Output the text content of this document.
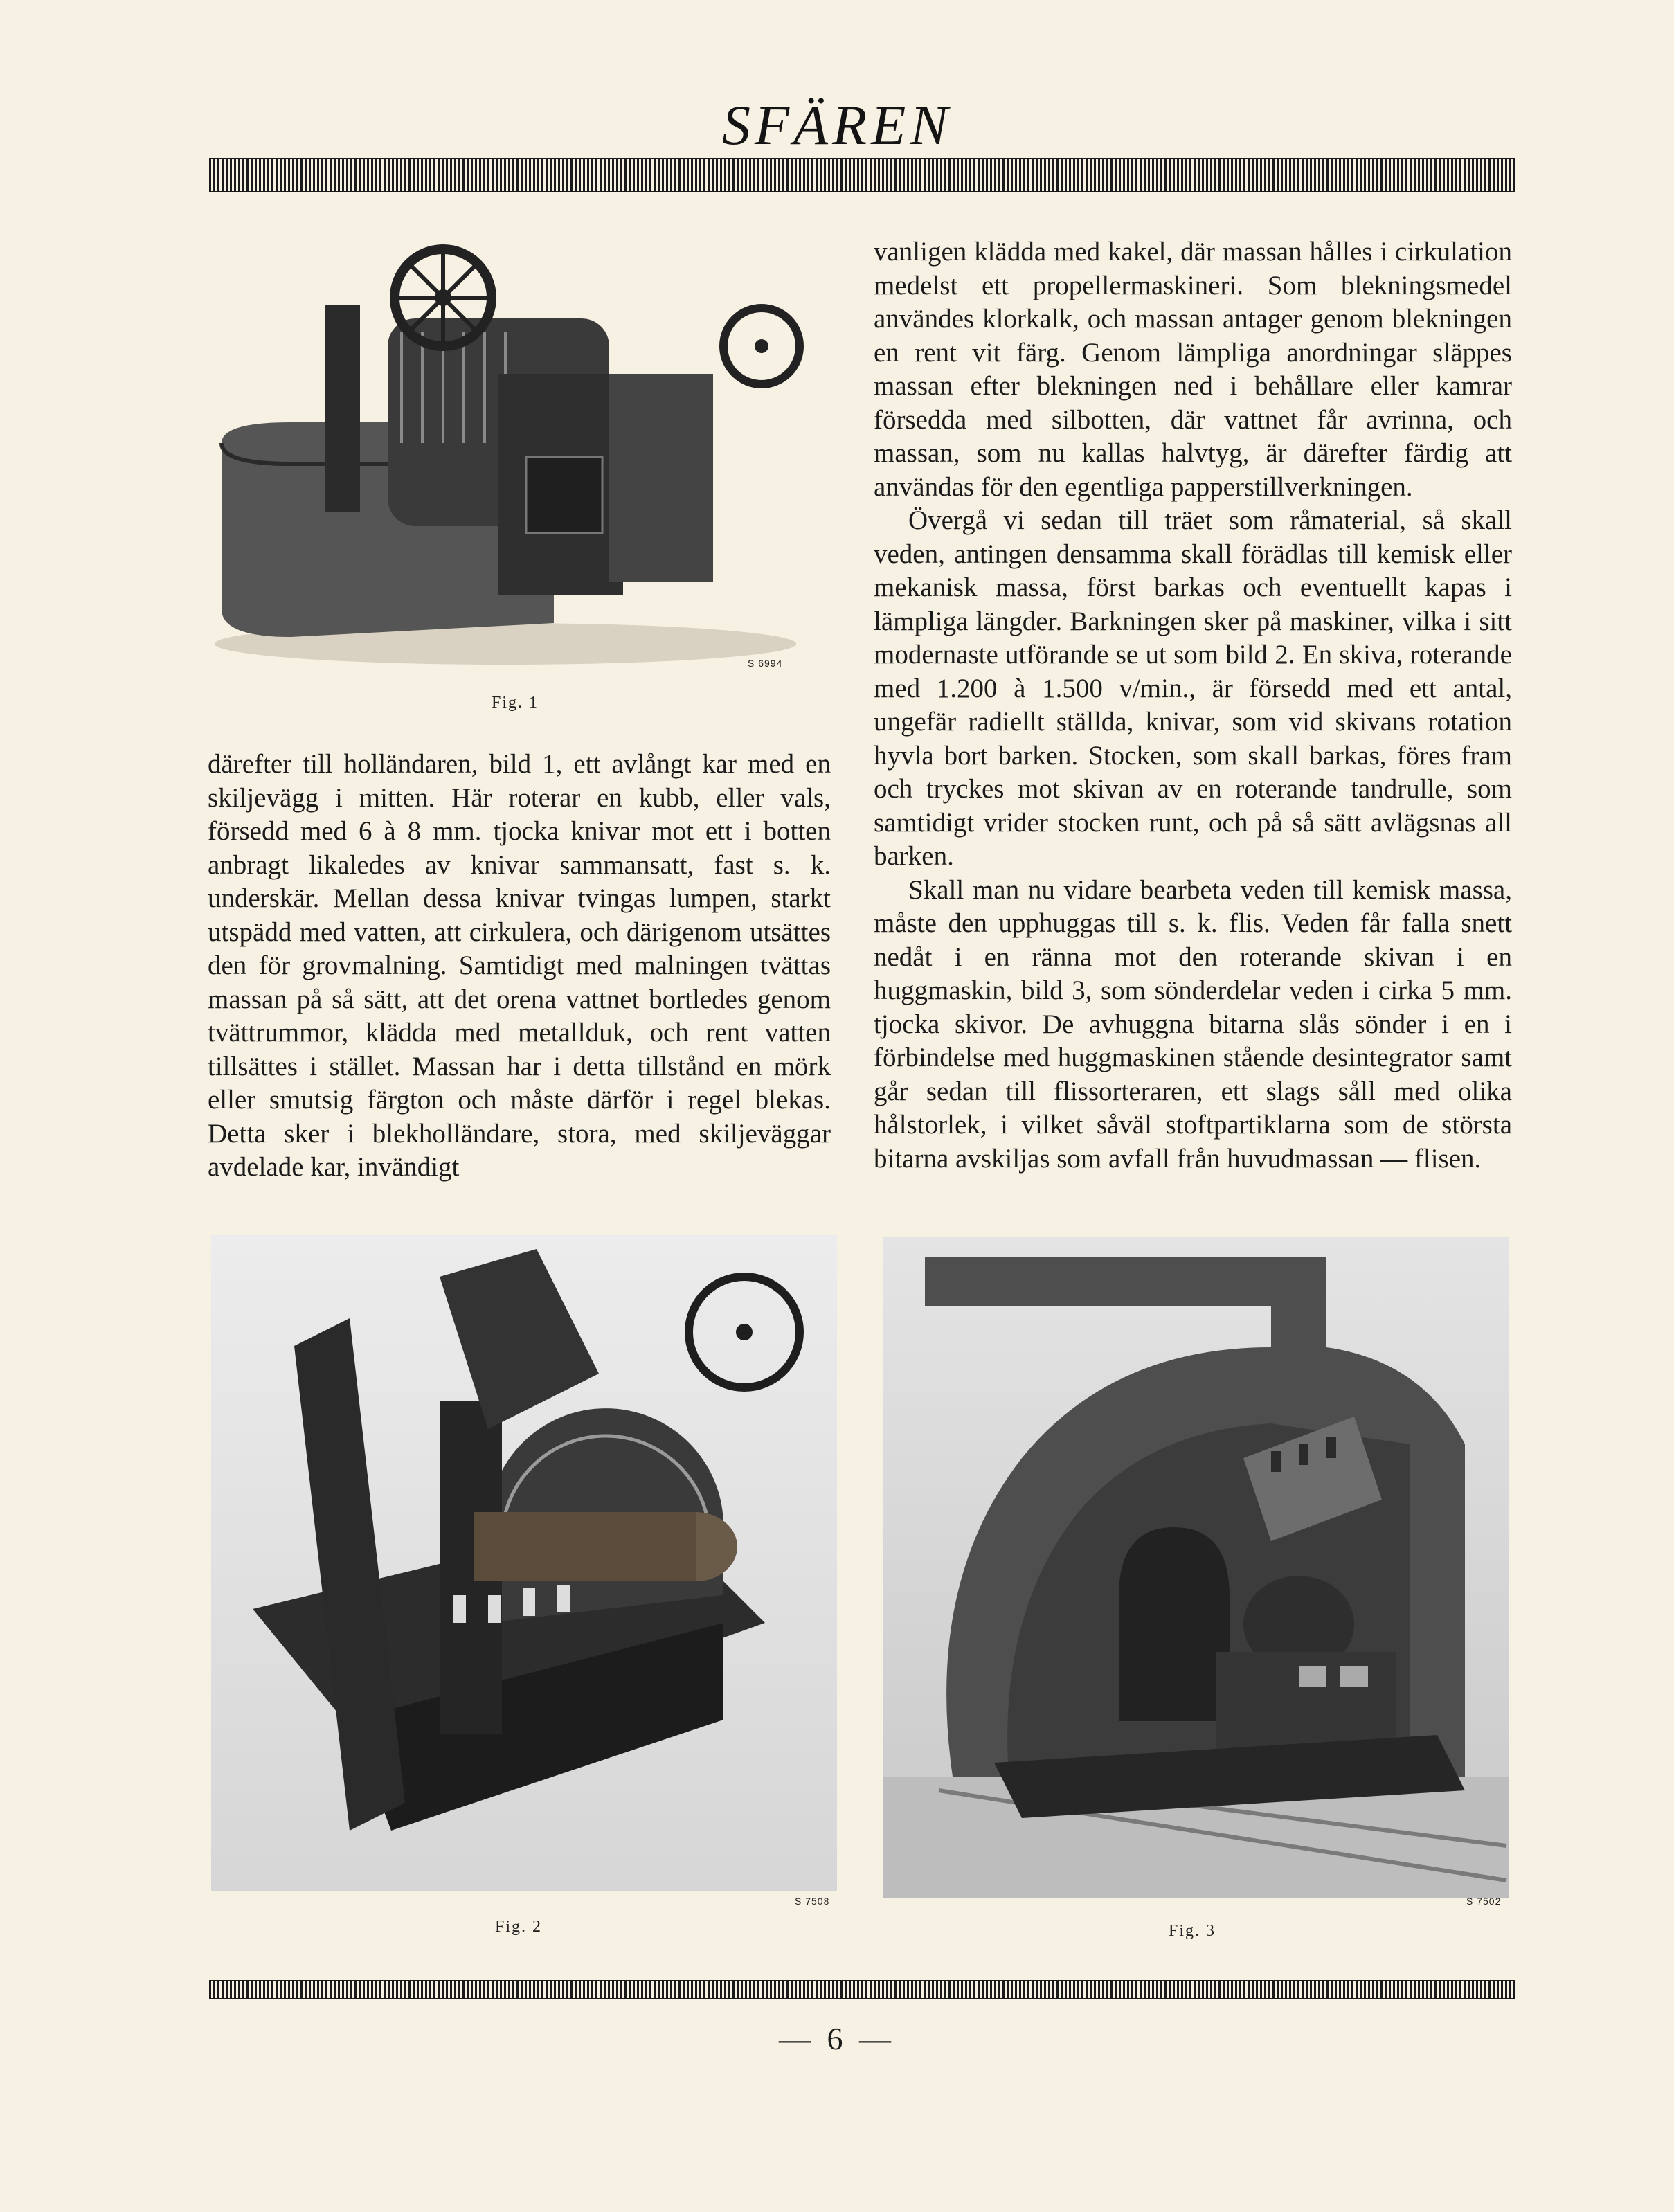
SFÄREN
S 6994
Fig. 1

därefter till holländaren, bild 1, ett avlångt kar med en skiljevägg i mitten. Här roterar en kubb, eller vals, försedd med 6 à 8 mm. tjocka knivar mot ett i botten anbragt likaledes av knivar sammansatt, fast s. k. underskär. Mellan dessa knivar tvingas lumpen, starkt utspädd med vatten, att cirkulera, och därigenom utsättes den för grovmalning. Samtidigt med malningen tvättas massan på så sätt, att det orena vattnet bortledes genom tvättrummor, klädda med metallduk, och rent vatten tillsättes i stället. Massan har i detta tillstånd en mörk eller smutsig färgton och måste därför i regel blekas. Detta sker i blekholländare, stora, med skiljeväggar avdelade kar, invändigt

vanligen klädda med kakel, där massan hålles i cirkulation medelst ett propellermaskineri. Som blekningsmedel användes klorkalk, och massan antager genom blekningen en rent vit färg. Genom lämpliga anordningar släppes massan efter blekningen ned i behållare eller kamrar försedda med silbotten, där vattnet får avrinna, och massan, som nu kallas halvtyg, är därefter färdig att användas för den egentliga papperstillverkningen.

Övergå vi sedan till träet som råmaterial, så skall veden, antingen densamma skall förädlas till kemisk eller mekanisk massa, först barkas och eventuellt kapas i lämpliga längder. Barkningen sker på maskiner, vilka i sitt modernaste utförande se ut som bild 2. En skiva, roterande med 1.200 à 1.500 v/min., är försedd med ett antal, ungefär radiellt ställda, knivar, som vid skivans rotation hyvla bort barken. Stocken, som skall barkas, föres fram och tryckes mot skivan av en roterande tandrulle, som samtidigt vrider stocken runt, och på så sätt avlägsnas all barken.

Skall man nu vidare bearbeta veden till kemisk massa, måste den upphuggas till s. k. flis. Veden får falla snett nedåt i en ränna mot den roterande skivan i en huggmaskin, bild 3, som sönderdelar veden i cirka 5 mm. tjocka skivor. De avhuggna bitarna slås sönder i en i förbindelse med huggmaskinen stående desintegrator samt går sedan till flissorteraren, ett slags såll med olika hålstorlek, i vilket såväl stoftpartiklarna som de största bitarna avskiljas som avfall från huvudmassan — flisen.

S 7508
Fig. 2
S 7502
Fig. 3
— 6 —
